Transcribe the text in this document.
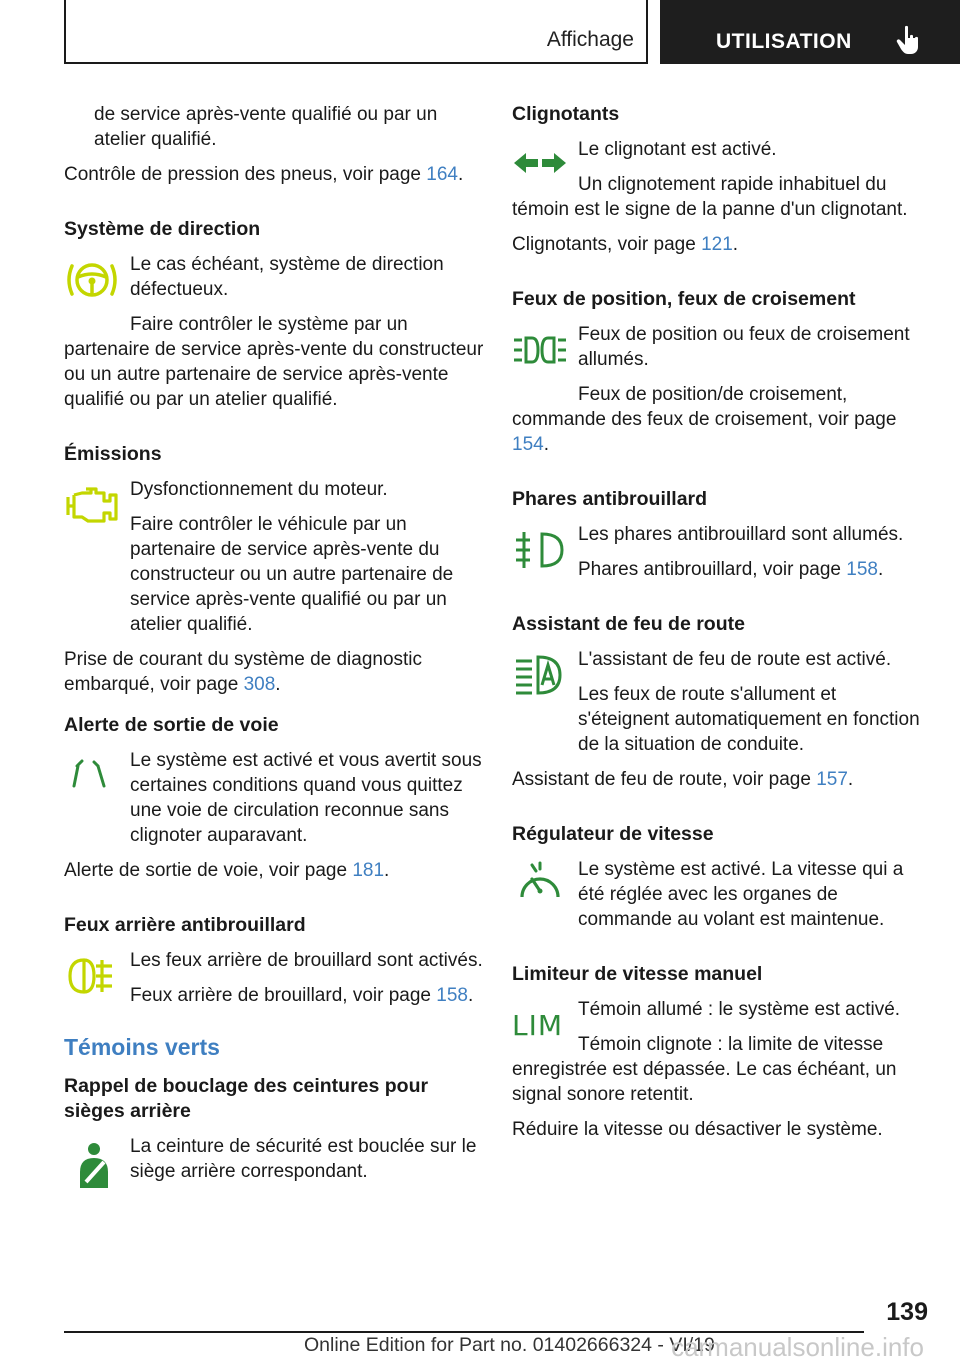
Affichage	UTILISATION

de service après-vente qualifié ou par un atelier qualifié.

Contrôle de pression des pneus, voir page 164.

Système de direction

Le cas échéant, système de direction défectueux.

Faire contrôler le système par un partenaire de service après-vente du constructeur ou un autre partenaire de service après-vente qualifié ou par un atelier qualifié.

Émissions

Dysfonctionnement du moteur.

Faire contrôler le véhicule par un partenaire de service après-vente du constructeur ou un autre partenaire de service après-vente qualifié ou par un atelier qualifié.

Prise de courant du système de diagnostic embarqué, voir page 308.

Alerte de sortie de voie

Le système est activé et vous avertit sous certaines conditions quand vous quittez une voie de circulation reconnue sans clignoter auparavant.

Alerte de sortie de voie, voir page 181.

Feux arrière antibrouillard

Les feux arrière de brouillard sont activés.

Feux arrière de brouillard, voir page 158.

Témoins verts
Rappel de bouclage des ceintures pour sièges arrière

La ceinture de sécurité est bouclée sur le siège arrière correspondant.

Clignotants

Le clignotant est activé.

Un clignotement rapide inhabituel du témoin est le signe de la panne d'un clignotant.

Clignotants, voir page 121.

Feux de position, feux de croisement

Feux de position ou feux de croisement allumés.

Feux de position/de croisement, commande des feux de croisement, voir page 154.

Phares antibrouillard

Les phares antibrouillard sont allumés.

Phares antibrouillard, voir page 158.

Assistant de feu de route

L'assistant de feu de route est activé.

Les feux de route s'allument et s'éteignent automatiquement en fonction de la situation de conduite.

Assistant de feu de route, voir page 157.

Régulateur de vitesse

Le système est activé. La vitesse qui a été réglée avec les organes de commande au volant est maintenue.

Limiteur de vitesse manuel
LIM Témoin allumé : le système est activé.

Témoin clignote : la limite de vitesse enregistrée est dépassée. Le cas échéant, un signal sonore retentit.

Réduire la vitesse ou désactiver le système.

139
Online Edition for Part no. 01402666324 - VI/19
carmanualsonline.info
